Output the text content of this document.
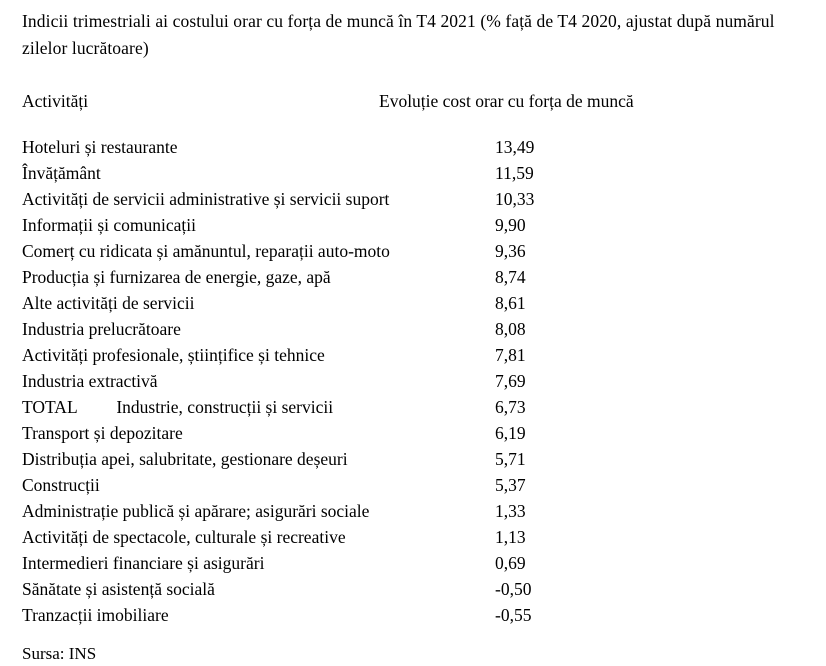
Indicii trimestriali ai costului orar cu forța de muncă în T4 2021 (% față de T4 2020, ajustat după numărul zilelor lucrătoare)

Activități	Evoluție cost orar cu forța de muncă
Hoteluri și restaurante	13,49
Învățământ	11,59
Activități de servicii administrative și servicii suport	10,33
Informații și comunicații	9,90
Comerț cu ridicata și amănuntul, reparații auto-moto	9,36
Producția și furnizarea de energie, gaze, apă	8,74
Alte activități de servicii	8,61
Industria prelucrătoare	8,08
Activități profesionale, științifice și tehnice	7,81
Industria extractivă	7,69
TOTAL         Industrie, construcții și servicii	6,73
Transport și depozitare	6,19
Distribuția apei, salubritate, gestionare deșeuri	5,71
Construcții	5,37
Administrație publică și apărare; asigurări sociale	1,33
Activități de spectacole, culturale și recreative	1,13
Intermedieri financiare și asigurări	0,69
Sănătate și asistență socială	-0,50
Tranzacții imobiliare	-0,55
Sursa: INS
